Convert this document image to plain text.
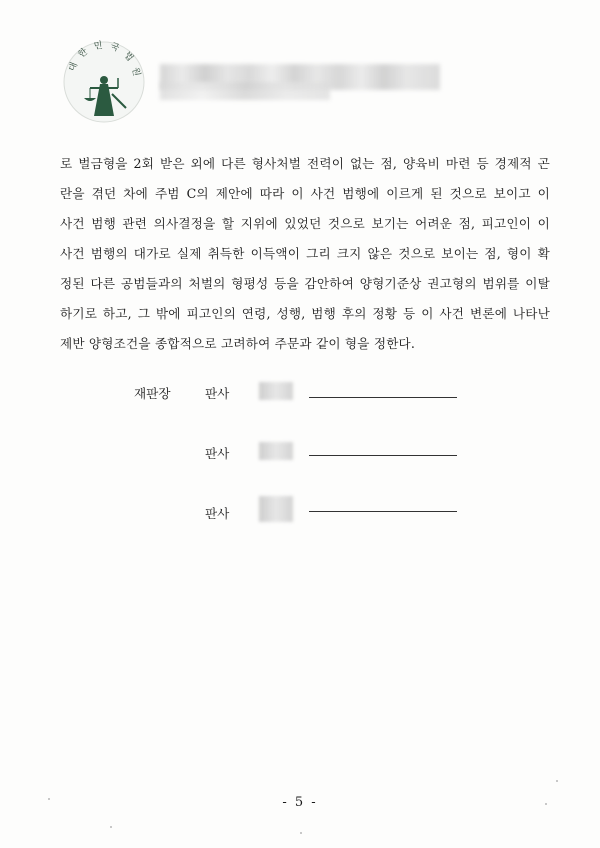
대 한 민 국 법 원
로 벌금형을 2회 받은 외에 다른 형사처벌 전력이 없는 점, 양육비 마련 등 경제적 곤
란을 겪던 차에 주범 C의 제안에 따라 이 사건 범행에 이르게 된 것으로 보이고 이
사건 범행 관련 의사결정을 할 지위에 있었던 것으로 보기는 어려운 점, 피고인이 이
사건 범행의 대가로 실제 취득한 이득액이 그리 크지 않은 것으로 보이는 점, 형이 확
정된 다른 공범들과의 처벌의 형평성 등을 감안하여 양형기준상 권고형의 범위를 이탈
하기로 하고, 그 밖에 피고인의 연령, 성행, 범행 후의 정황 등 이 사건 변론에 나타난
제반 양형조건을 종합적으로 고려하여 주문과 같이 형을 정한다.
재판장	판사
판사
판사
- 5 -
